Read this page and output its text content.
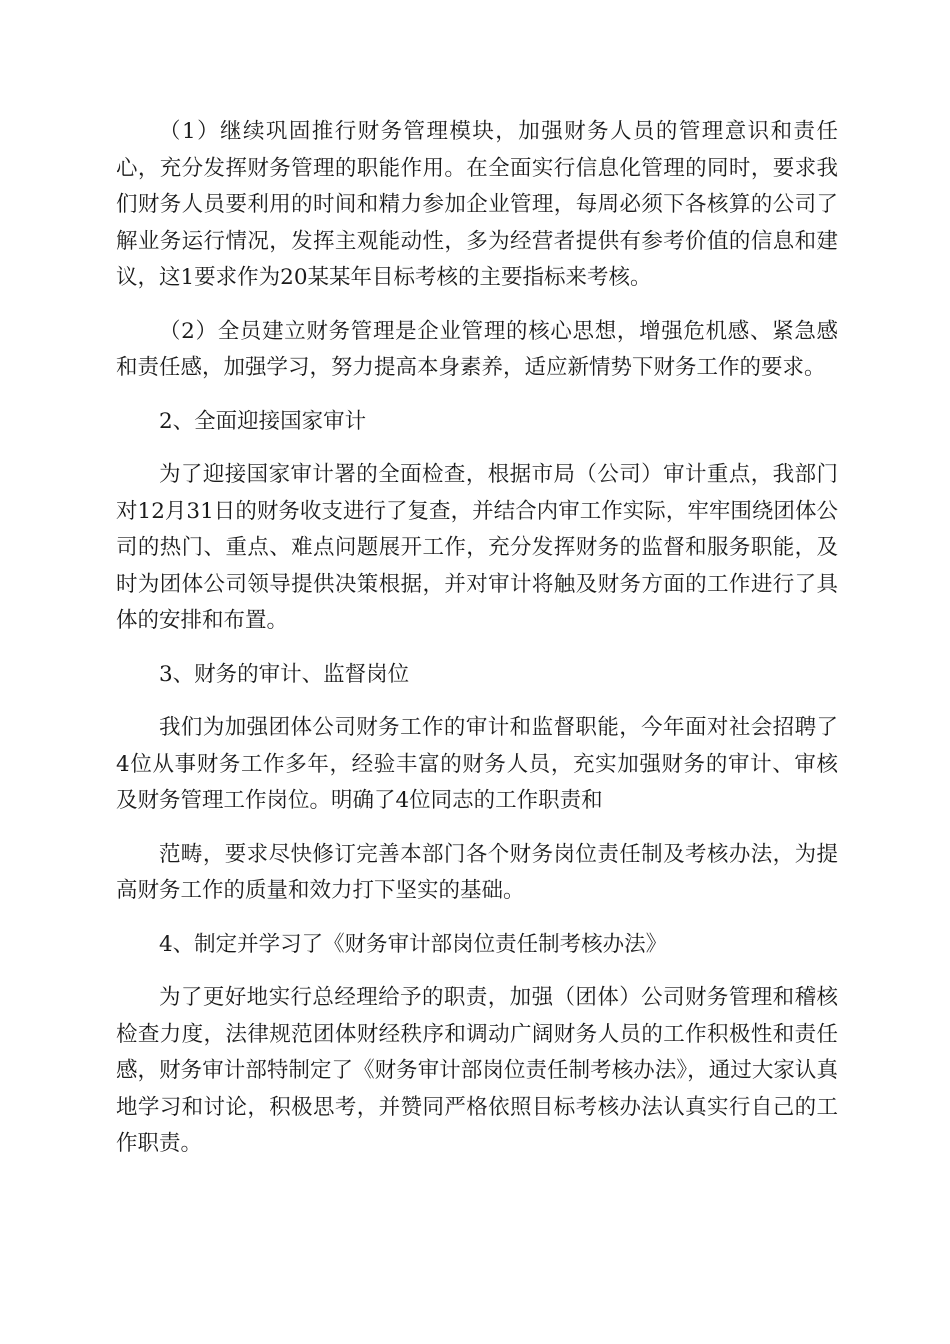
（1）继续巩固推行财务管理模块，加强财务人员的管理意识和责任心，充分发挥财务管理的职能作用。在全面实行信息化管理的同时，要求我们财务人员要利用的时间和精力参加企业管理，每周必须下各核算的公司了解业务运行情况，发挥主观能动性，多为经营者提供有参考价值的信息和建议，这1要求作为20某某年目标考核的主要指标来考核。

（2）全员建立财务管理是企业管理的核心思想，增强危机感、紧急感和责任感，加强学习，努力提高本身素养，适应新情势下财务工作的要求。

2、全面迎接国家审计

为了迎接国家审计署的全面检查，根据市局（公司）审计重点，我部门对12月31日的财务收支进行了复查，并结合内审工作实际，牢牢围绕团体公司的热门、重点、难点问题展开工作，充分发挥财务的监督和服务职能，及时为团体公司领导提供决策根据，并对审计将触及财务方面的工作进行了具体的安排和布置。

3、财务的审计、监督岗位

我们为加强团体公司财务工作的审计和监督职能，今年面对社会招聘了4位从事财务工作多年，经验丰富的财务人员，充实加强财务的审计、审核及财务管理工作岗位。明确了4位同志的工作职责和

范畴，要求尽快修订完善本部门各个财务岗位责任制及考核办法，为提高财务工作的质量和效力打下坚实的基础。

4、制定并学习了《财务审计部岗位责任制考核办法》

为了更好地实行总经理给予的职责，加强（团体）公司财务管理和稽核检查力度，法律规范团体财经秩序和调动广阔财务人员的工作积极性和责任感，财务审计部特制定了《财务审计部岗位责任制考核办法》，通过大家认真地学习和讨论，积极思考，并赞同严格依照目标考核办法认真实行自己的工作职责。
